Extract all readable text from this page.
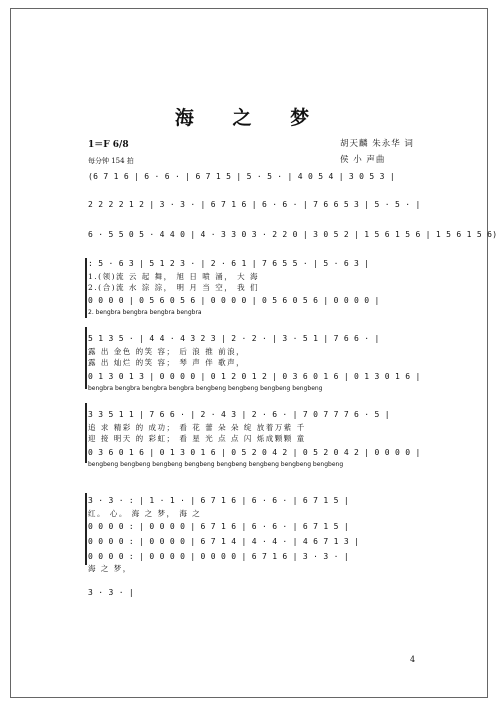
海 之 梦
1＝F 6/8
每分钟 154 拍
胡天麟 朱永华 词
侯 小 声曲
(6 7 1 6 | 6 · 6 · | 6 7 1 5 | 5 · 5 · | 4 0 5 4 | 3 0 5 3 |
2 2 2 2 1 2 | 3 · 3 · | 6 7 1 6 | 6 · 6 · | 7 6 6 5 3 | 5 · 5 · |
6 · 5 5 0 5 · 4 4 0 | 4 · 3 3 0 3 · 2 2 0 | 3 0 5 2 | 1 5 6 1 5 6 | 1 5 6 1 5 6)
: 5 · 6 3 | 5 1 2 3 · | 2 · 6 1 | 7 6 5 5 · | 5 · 6 3 |
1.(领)流 云 起 舞， 旭 日 喷 涌， 大 海
2.(合)流 水 淙 淙， 明 月 当 空， 我 们
0 0 0 0 | 0 5 6 0 5 6 | 0 0 0 0 | 0 5 6 0 5 6 | 0 0 0 0 |
2. bengbra bengbra bengbra bengbra
5 1 3 5 · | 4 4 · 4 3 2 3 | 2 · 2 · | 3 · 5 1 | 7 6 6 · |
露 出 金色 的笑 容； 后 浪 推 前浪，
露 出 灿烂 的笑 容； 琴 声 伴 歌声，
0 1 3 0 1 3 | 0 0 0 0 | 0 1 2 0 1 2 | 0 3 6 0 1 6 | 0 1 3 0 1 6 |
bengbra bengbra bengbra bengbra bengbeng bengbeng bengbeng bengbeng
3 3 5 1 1 | 7 6 6 · | 2 · 4 3 | 2 · 6 · | 7 0 7 7 7 6 · 5 |
追 求 精彩 的 成功； 看 花 蕾 朵 朵 绽 放着万紫 千
迎 接 明天 的 彩虹； 看 星 光 点 点 闪 烁成颗颗 童
0 3 6 0 1 6 | 0 1 3 0 1 6 | 0 5 2 0 4 2 | 0 5 2 0 4 2 | 0 0 0 0 |
bengbeng bengbeng bengbeng bengbeng bengbeng bengbeng bengbeng bengbeng
3 · 3 · : | 1 · 1 · | 6 7 1 6 | 6 · 6 · | 6 7 1 5 |
红。 心。 海 之 梦， 海 之
0 0 0 0 : | 0 0 0 0 | 6 7 1 6 | 6 · 6 · | 6 7 1 5 |
0 0 0 0 : | 0 0 0 0 | 6 7 1 4 | 4 · 4 · | 4 6 7 1 3 |
0 0 0 0 : | 0 0 0 0 | 0 0 0 0 | 6 7 1 6 | 3 · 3 · |
海 之 梦，
3 · 3 · |
4
